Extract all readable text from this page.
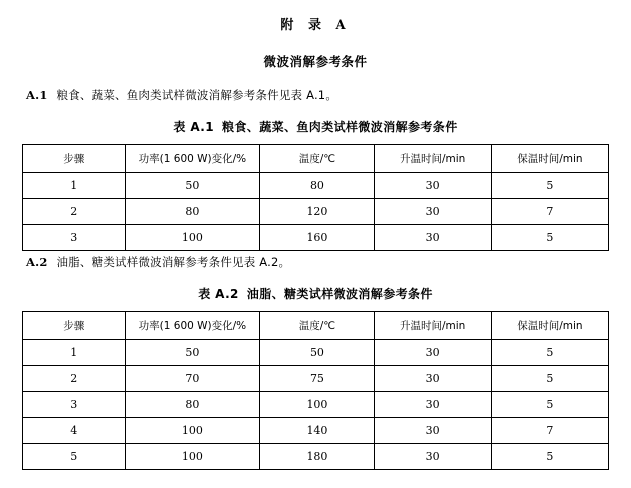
附 录 A
微波消解参考条件
A.1 粮食、蔬菜、鱼肉类试样微波消解参考条件见表 A.1。
表 A.1 粮食、蔬菜、鱼肉类试样微波消解参考条件
步骤	功率(1 600 W)变化/%	温度/℃	升温时间/min	保温时间/min
1	50	80	30	5
2	80	120	30	7
3	100	160	30	5
A.2 油脂、糖类试样微波消解参考条件见表 A.2。
表 A.2 油脂、糖类试样微波消解参考条件
步骤	功率(1 600 W)变化/%	温度/℃	升温时间/min	保温时间/min
1	50	50	30	5
2	70	75	30	5
3	80	100	30	5
4	100	140	30	7
5	100	180	30	5
